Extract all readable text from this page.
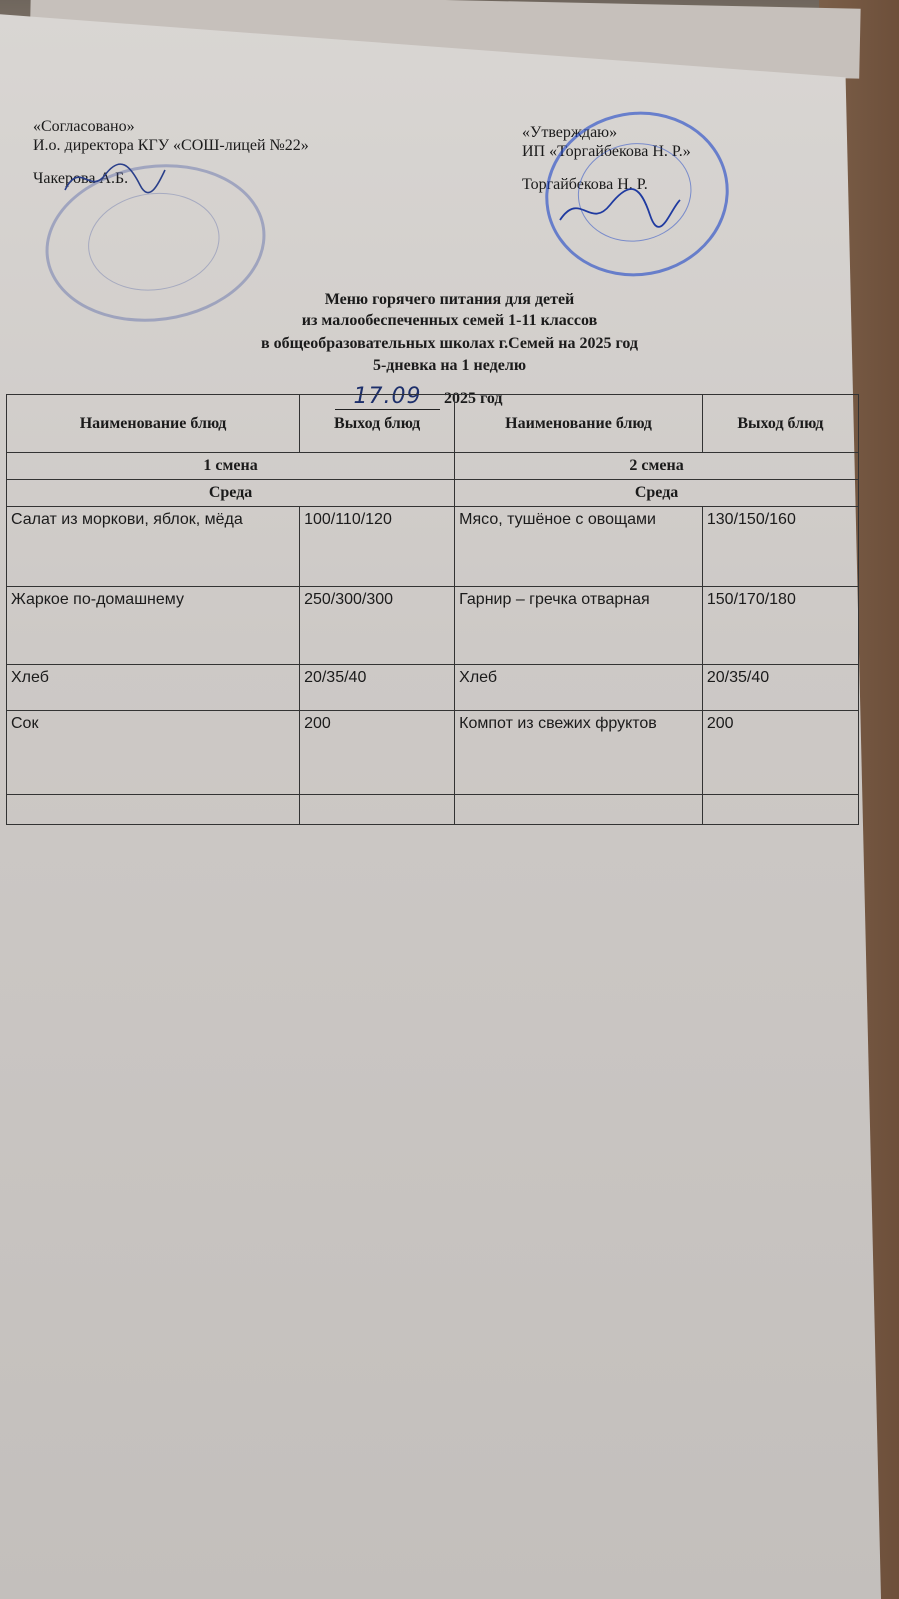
«Согласовано»
И.о. директора КГУ «СОШ-лицей №22»
Чакерова А.Б.
«Утверждаю»
ИП «Торгайбекова Н. Р.»
Торгайбекова Н. Р.
Меню горячего питания для детей
из малообеспеченных семей 1-11 классов
в общеобразовательных школах г.Семей на 2025 год
5-дневка на 1 неделю
17.09 2025 год
Наименование блюд	Выход блюд	Наименование блюд	Выход блюд
1 смена		2 смена	
Среда		Среда	
Салат из моркови, яблок, мёда	100/110/120	Мясо, тушёное с овощами	130/150/160
Жаркое по-домашнему	250/300/300	Гарнир – гречка отварная	150/170/180
Хлеб	20/35/40	Хлеб	20/35/40
Сок	200	Компот из свежих фруктов	200
